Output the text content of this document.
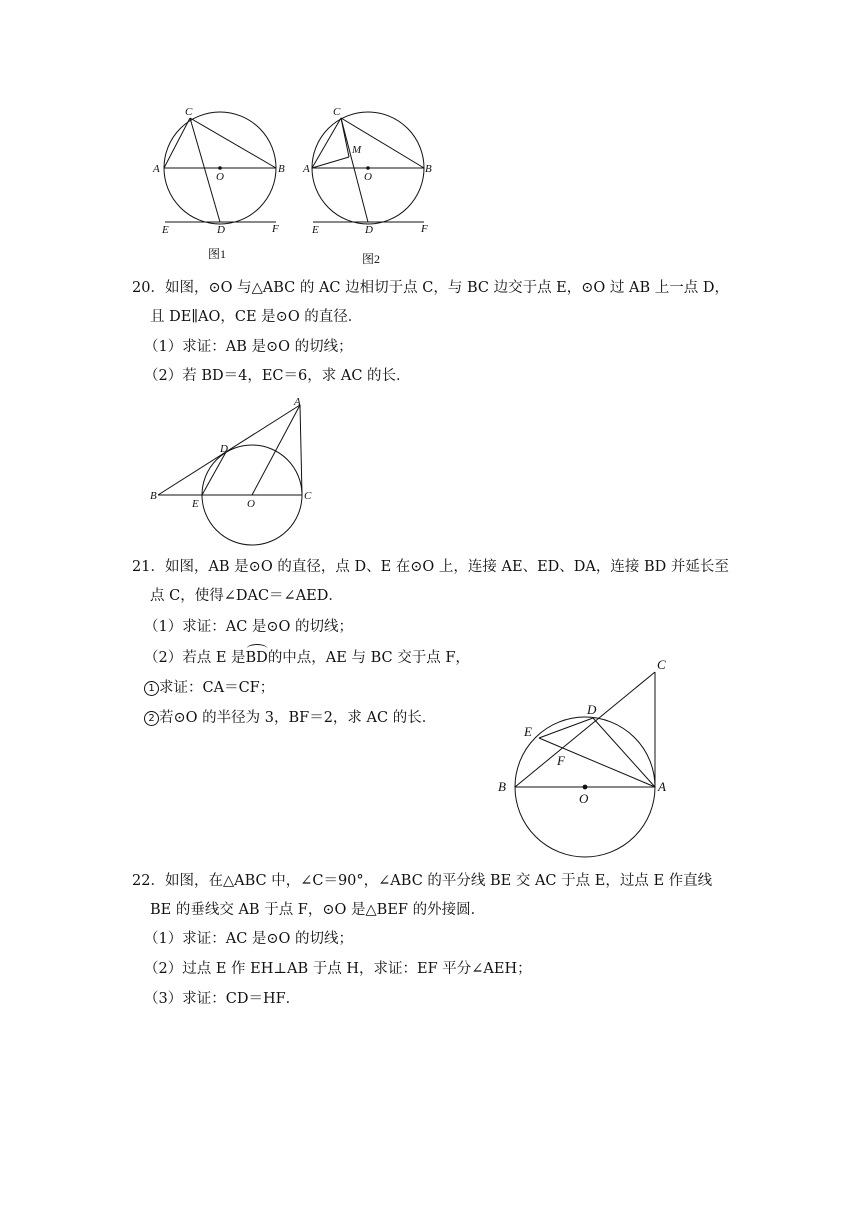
C
A	B
O
D
E	F
图1
C
M
A	B
O
D
E	F
图2
20．如图，⊙O 与△ABC 的 AC 边相切于点 C，与 BC 边交于点 E，⊙O 过 AB 上一点 D，
且 DE∥AO，CE 是⊙O 的直径．
（1）求证：AB 是⊙O 的切线；
（2）若 BD＝4，EC＝6，求 AC 的长．
A
D
B	C
E	O
21．如图，AB 是⊙O 的直径，点 D、E 在⊙O 上，连接 AE、ED、DA，连接 BD 并延长至
点 C，使得∠DAC＝∠AED．
（1）求证：AC 是⊙O 的切线；
（2）若点 E 是BD的中点，AE 与 BC 交于点 F，
1 求证：CA＝CF；
2 若⊙O 的半径为 3，BF＝2，求 AC 的长．
C
D
E
F
B	A
O
22．如图，在△ABC 中，∠C＝90°，∠ABC 的平分线 BE 交 AC 于点 E，过点 E 作直线
BE 的垂线交 AB 于点 F，⊙O 是△BEF 的外接圆．
（1）求证：AC 是⊙O 的切线；
（2）过点 E 作 EH⊥AB 于点 H，求证：EF 平分∠AEH；
（3）求证：CD＝HF．
